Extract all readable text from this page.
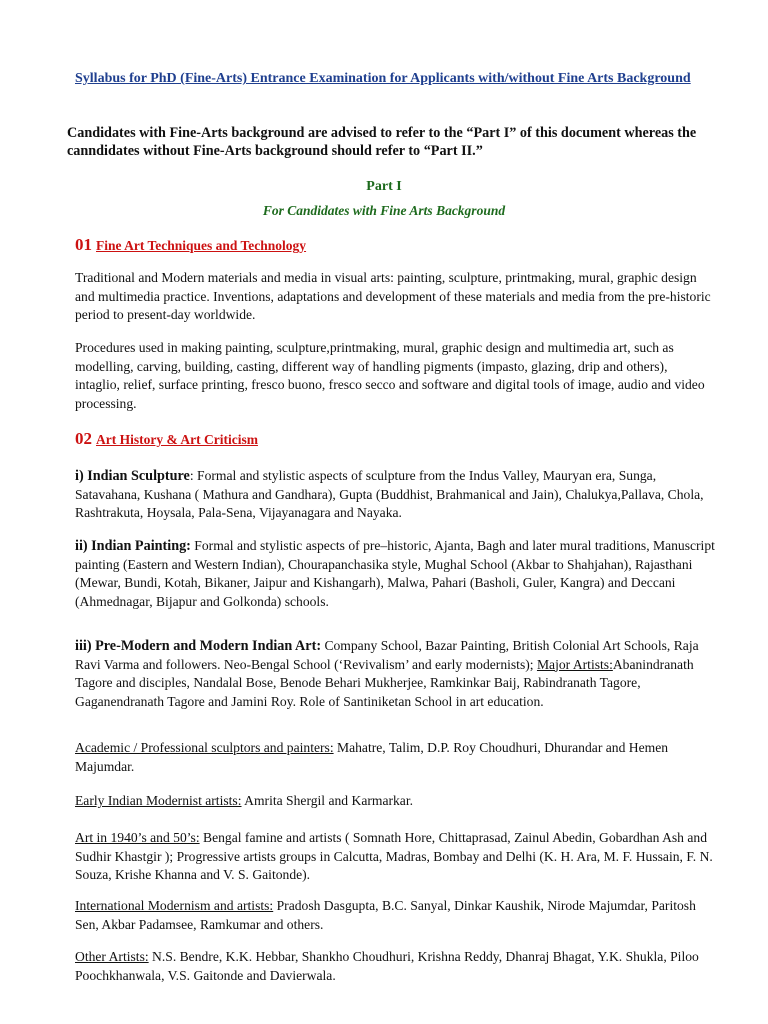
Syllabus for PhD (Fine-Arts) Entrance Examination for Applicants with/without Fine Arts Background
Candidates with Fine-Arts background are advised to refer to the “Part I” of this document whereas the canndidates without Fine-Arts background should refer to “Part II.”
Part I
For Candidates with Fine Arts Background
01 Fine Art Techniques and Technology
Traditional and Modern materials and media in visual arts: painting, sculpture, printmaking, mural, graphic design and multimedia practice. Inventions, adaptations and development of these materials and media from the pre-historic period to present-day worldwide.
Procedures used in making painting, sculpture,printmaking, mural, graphic design and multimedia art, such as modelling, carving, building, casting, different way of handling pigments (impasto, glazing, drip and others), intaglio, relief, surface printing, fresco buono, fresco secco and software and digital tools of image, audio and video processing.
02 Art History & Art Criticism
i) Indian Sculpture: Formal and stylistic aspects of sculpture from the Indus Valley, Mauryan era, Sunga, Satavahana, Kushana ( Mathura and Gandhara), Gupta (Buddhist, Brahmanical and Jain), Chalukya,Pallava, Chola, Rashtrakuta, Hoysala, Pala-Sena, Vijayanagara and Nayaka.
ii) Indian Painting: Formal and stylistic aspects of pre–historic, Ajanta, Bagh and later mural traditions, Manuscript painting (Eastern and Western Indian), Chourapanchasika style, Mughal School (Akbar to Shahjahan), Rajasthani (Mewar, Bundi, Kotah, Bikaner, Jaipur and Kishangarh), Malwa, Pahari (Basholi, Guler, Kangra) and Deccani (Ahmednagar, Bijapur and Golkonda) schools.
iii) Pre-Modern and Modern Indian Art: Company School, Bazar Painting, British Colonial Art Schools, Raja Ravi Varma and followers. Neo-Bengal School (‘Revivalism’ and early modernists); Major Artists:Abanindranath Tagore and disciples, Nandalal Bose, Benode Behari Mukherjee, Ramkinkar Baij, Rabindranath Tagore, Gaganendranath Tagore and Jamini Roy. Role of Santiniketan School in art education.
Academic / Professional sculptors and painters: Mahatre, Talim, D.P. Roy Choudhuri, Dhurandar and Hemen Majumdar.
Early Indian Modernist artists: Amrita Shergil and Karmarkar.
Art in 1940’s and 50’s: Bengal famine and artists ( Somnath Hore, Chittaprasad, Zainul Abedin, Gobardhan Ash and Sudhir Khastgir ); Progressive artists groups in Calcutta, Madras, Bombay and Delhi (K. H. Ara, M. F. Hussain, F. N. Souza, Krishe Khanna and V. S. Gaitonde).
International Modernism and artists: Pradosh Dasgupta, B.C. Sanyal, Dinkar Kaushik, Nirode Majumdar, Paritosh Sen, Akbar Padamsee, Ramkumar and others.
Other Artists: N.S. Bendre, K.K. Hebbar, Shankho Choudhuri, Krishna Reddy, Dhanraj Bhagat, Y.K. Shukla, Piloo Poochkhanwala, V.S. Gaitonde and Davierwala.
